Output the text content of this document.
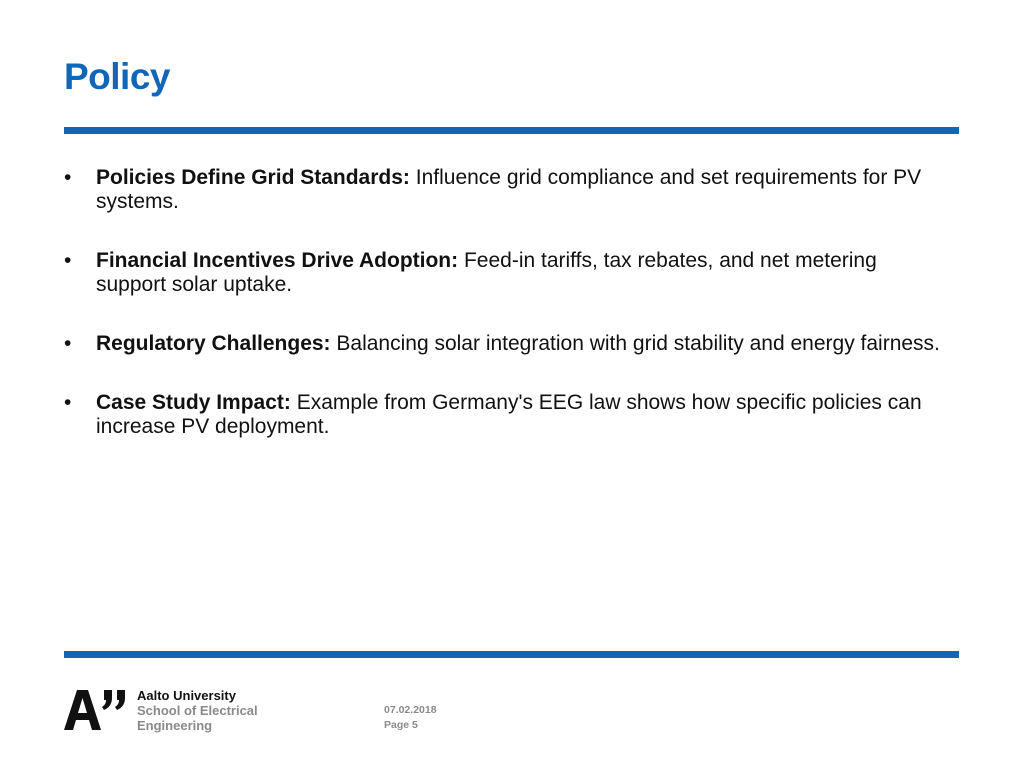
Policy
• Policies Define Grid Standards: Influence grid compliance and set requirements for PV systems.
• Financial Incentives Drive Adoption: Feed-in tariffs, tax rebates, and net metering support solar uptake.
• Regulatory Challenges: Balancing solar integration with grid stability and energy fairness.
• Case Study Impact: Example from Germany's EEG law shows how specific policies can increase PV deployment.
Aalto University
School of Electrical
Engineering
07.02.2018
Page 5
